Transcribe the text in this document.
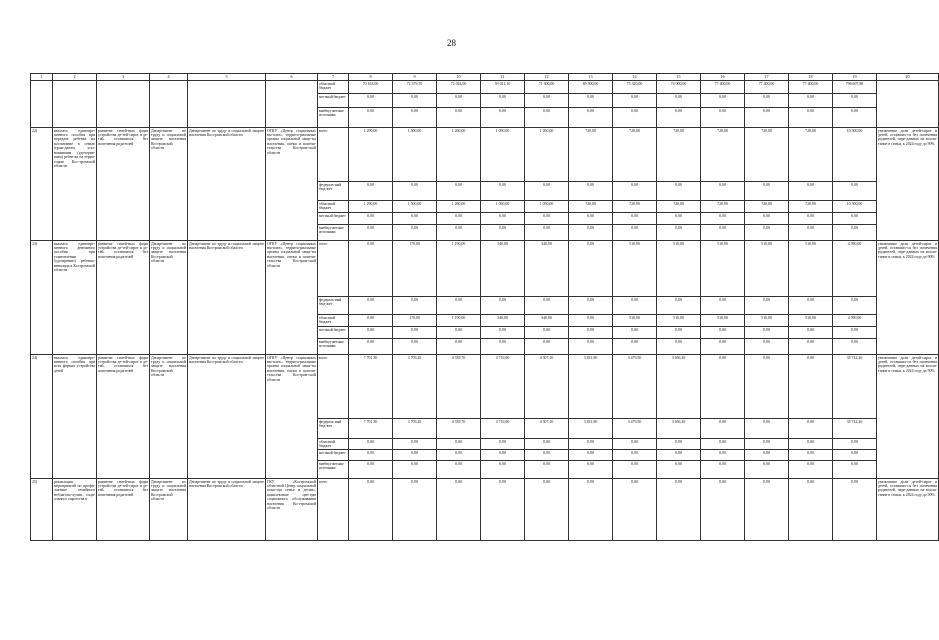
28
1	2	3	4	5	6	7	8	9	10	11	12	13	14	15	16	17	18	19	20
						областной бюджет	70 163,00	72 379,70	72 024,00	59 021,10	71 300,00	69 500,00	75 320,00	74 900,00	77 400,00	77 400,00	77 400,00	796 607,80	
						местный бюджет	0,00	0,00	0,00	0,00	0,00	0,00	0,00	0,00	0,00	0,00	0,00	0,00	
						внебюд-жетные источники	0,00	0,00	0,00	0,00	0,00	0,00	0,00	0,00	0,00	0,00	0,00	0,00	
22)	выплата единовре-менного пособия при передаче ребенка на воспитание в семью (граж-данам, усы-новившим (удочерив-шим) ребен-ка на терри-тории Кос-тромской области	развитие семей-ных форм устройства де-тей-сирот и де-тей, оставшихся без попечения родителей	Департамент по труду и социальной защите населения Костромской области	Департамент по труду и социальной защите населения Костромской области	ОГКУ «Центр социальных вы-плат», террито-риальные органы социальной защи-ты населения, опеки и попечи-тельства Костром-ской области	всего	1 290,00	1 500,00	1 260,00	1 050,00	1 050,00	720,00	720,00	720,00	720,00	720,00	720,00	10 500,00	увеличение доли детей-сирот и детей, оставших-ся без попечения родителей, пере-данных на воспи-тание в семьи, к 2024 году до 90%
						федераль-ный бюд-жет	0,00	0,00	0,00	0,00	0,00	0,00	0,00	0,00	0,00	0,00	0,00	0,00	
						областной бюджет	1 290,00	1 500,00	1 260,00	1 050,00	1 050,00	720,00	720,00	720,00	720,00	720,00	720,00	10 500,00	
						местный бюджет	0,00	0,00	0,00	0,00	0,00	0,00	0,00	0,00	0,00	0,00	0,00	0,00	
						внебюд-жетные источники	0,00	0,00	0,00	0,00	0,00	0,00	0,00	0,00	0,00	0,00	0,00	0,00	
23)	выплата единовре-менного денежного пособия при усыновлении (удочерении) ребенка-инвалида в Костромской области	развитие семей-ных форм устройства де-тей-сирот и де-тей, оставшихся без попечения родителей	Департамент по труду и социальной защите населения Костромской области	Департамент по труду и социальной защите населения Костромской области	ОГКУ «Центр социальных вы-плат», террито-риальные органы социальной защи-ты населения, опеки и попечи-тельства Костром-ской области	всего	0,00	170,00	1 190,00	340,00	340,00	0,00	510,00	510,00	510,00	510,00	510,00	4 590,00	увеличение доли детей-сирот и детей, оставших-ся без попечения родителей, пере-данных на воспи-тание в семьи, к 2024 году до 90%
						федераль-ный бюд-жет	0,00	0,00	0,00	0,00	0,00	0,00	0,00	0,00	0,00	0,00	0,00	0,00	
						областной бюджет	0,00	170,00	1 190,00	340,00	340,00	0,00	510,00	510,00	510,00	510,00	510,00	4 590,00	
						местный бюджет	0,00	0,00	0,00	0,00	0,00	0,00	0,00	0,00	0,00	0,00	0,00	0,00	
						внебюд-жетные источники	0,00	0,00	0,00	0,00	0,00	0,00	0,00	0,00	0,00	0,00	0,00	0,00	
24)	выплата единовре-менного пособия при всех формах устройства детей	развитие семей-ных форм устройства де-тей-сирот и де-тей, оставшихся без попечения родителей	Департамент по труду и социальной защите населения Костромской области	Департамент по труду и социальной защите населения Костромской области	ОГКУ «Центр социальных вы-плат», террито-риальные органы социальной защи-ты населения, опеки и попечи-тельства Костром-ской области	всего	7 701,30	3 709,20	4 339,70	4 716,90	4 307,10	3 831,80	3 479,50	3 656,30	0,00	0,00	0,00	35 742,20	увеличение доли детей-сирот и детей, оставших-ся без попечения родителей, пере-данных на воспи-тание в семьи, к 2024 году до 90%
						федераль-ный бюд-жет	7 701,30	3 709,20	4 339,70	4 716,90	4 307,10	3 831,80	3 479,50	3 656,30	0,00	0,00	0,00	35 742,20	
						областной бюджет	0,00	0,00	0,00	0,00	0,00	0,00	0,00	0,00	0,00	0,00	0,00	0,00	
						местный бюджет	0,00	0,00	0,00	0,00	0,00	0,00	0,00	0,00	0,00	0,00	0,00	0,00	
						внебюд-жетные источники	0,00	0,00	0,00	0,00	0,00	0,00	0,00	0,00	0,00	0,00	0,00	0,00	
25)	реализация мероприятий по профи-лактике семейного неблагопо-лучия, соци-ального сиротства и	развитие семей-ных форм устройства де-тей-сирот и де-тей, оставшихся без попечения родителей	Департамент по труду и социальной защите населения Костромской области	Департамент по труду и социальной защите населения Костромской области	ГКУ «Костромской областной Центр социальной помо-щи семье и детям», комплексные цен-тры социального обслуживания населения Ко-стромской области	всего	0,00	0,00	0,00	0,00	0,00	0,00	0,00	0,00	0,00	0,00	0,00	0,00	увеличение доли детей-сирот и детей, оставших-ся без попечения родителей, пере-данных на воспи-тание в семьи, к 2024 году до 90%
